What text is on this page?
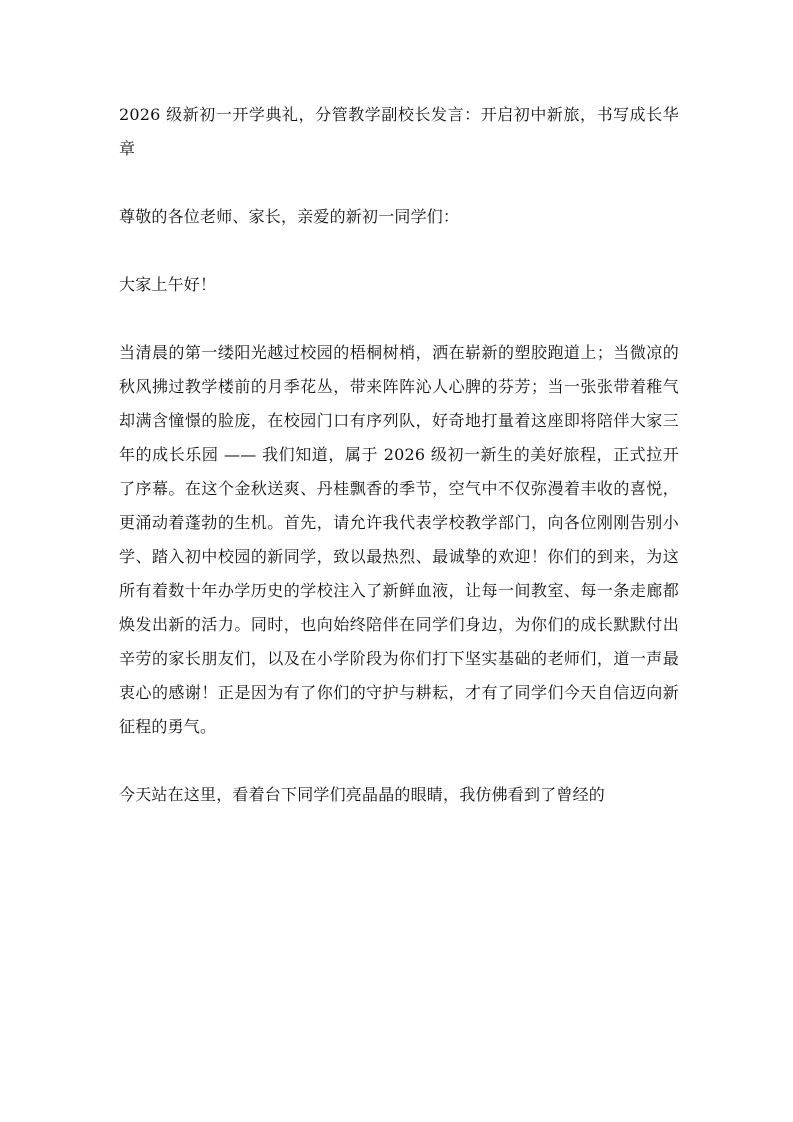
2026 级新初一开学典礼，分管教学副校长发言：开启初中新旅，书写成长华章

尊敬的各位老师、家长，亲爱的新初一同学们：

大家上午好！

当清晨的第一缕阳光越过校园的梧桐树梢，洒在崭新的塑胶跑道上；当微凉的秋风拂过教学楼前的月季花丛，带来阵阵沁人心脾的芬芳；当一张张带着稚气却满含憧憬的脸庞，在校园门口有序列队，好奇地打量着这座即将陪伴大家三年的成长乐园 —— 我们知道，属于 2026 级初一新生的美好旅程，正式拉开了序幕。在这个金秋送爽、丹桂飘香的季节，空气中不仅弥漫着丰收的喜悦，更涌动着蓬勃的生机。首先，请允许我代表学校教学部门，向各位刚刚告别小学、踏入初中校园的新同学，致以最热烈、最诚挚的欢迎！你们的到来，为这所有着数十年办学历史的学校注入了新鲜血液，让每一间教室、每一条走廊都焕发出新的活力。同时，也向始终陪伴在同学们身边，为你们的成长默默付出辛劳的家长朋友们，以及在小学阶段为你们打下坚实基础的老师们，道一声最衷心的感谢！正是因为有了你们的守护与耕耘，才有了同学们今天自信迈向新征程的勇气。

今天站在这里，看着台下同学们亮晶晶的眼睛，我仿佛看到了曾经的
